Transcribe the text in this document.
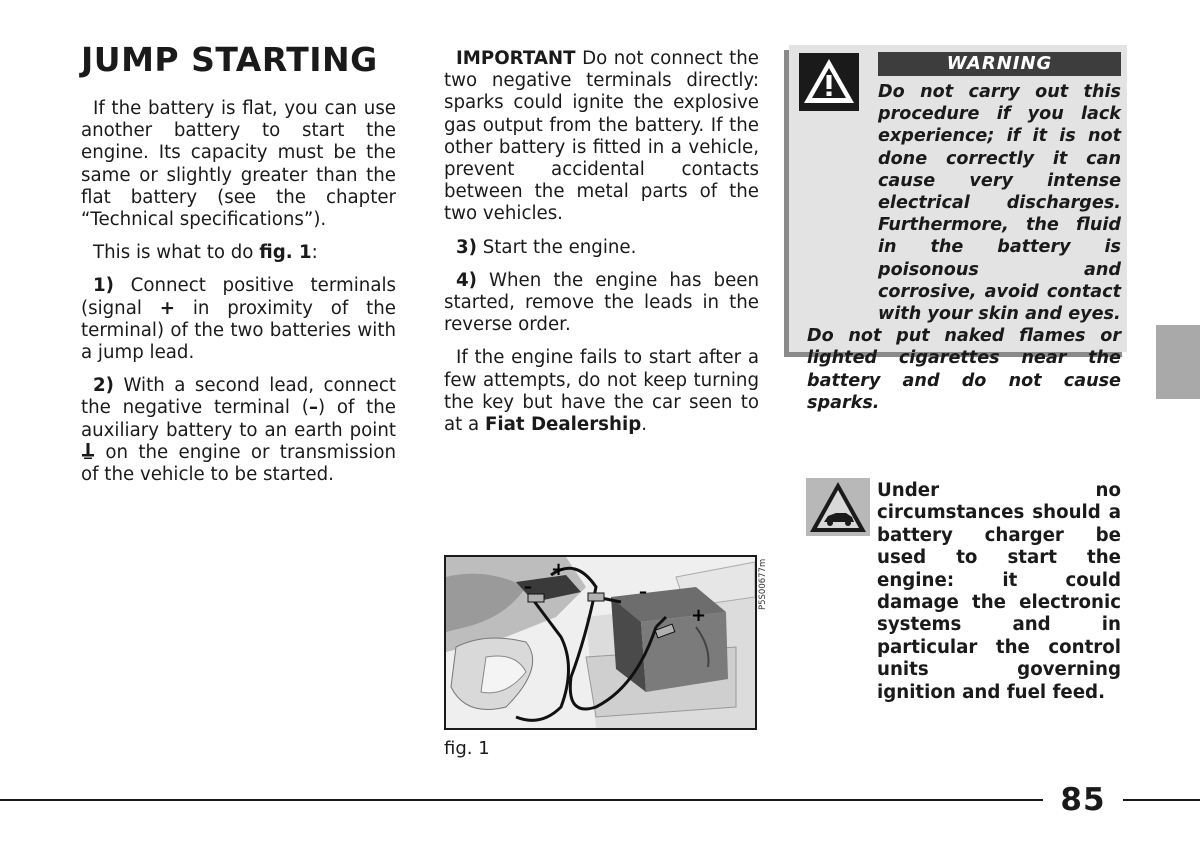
JUMP STARTING

If the battery is flat, you can use another battery to start the engine. Its capacity must be the same or slightly greater than the flat battery (see the chapter “Technical specifications”).

This is what to do fig. 1:

1) Connect positive terminals (signal + in proximity of the terminal) of the two batteries with a jump lead.

2) With a second lead, connect the negative terminal (–) of the auxiliary battery to an earth point  on the engine or transmission of the vehicle to be started.

IMPORTANT Do not connect the two negative terminals directly: sparks could ignite the explosive gas output from the battery. If the other battery is fitted in a vehicle, prevent accidental contacts between the metal parts of the two vehicles.

3) Start the engine.

4) When the engine has been started, remove the leads in the reverse order.

If the engine fails to start after a few attempts, do not keep turning the key but have the car seen to at a Fiat Dealership.

WARNING

Do not carry out this procedure if you lack experience; if it is not done correctly it can cause very intense electrical discharges. Furthermore, the fluid in the battery is poisonous and corrosive, avoid contact with your skin and eyes.

Do not put naked flames or lighted cigarettes near the battery and do not cause sparks.

Under no circumstances should a battery charger be used to start the engine: it could damage the electronic systems and in particular the control units governing ignition and fuel feed.

+
–	–
+
P5S00677m
fig. 1
85
